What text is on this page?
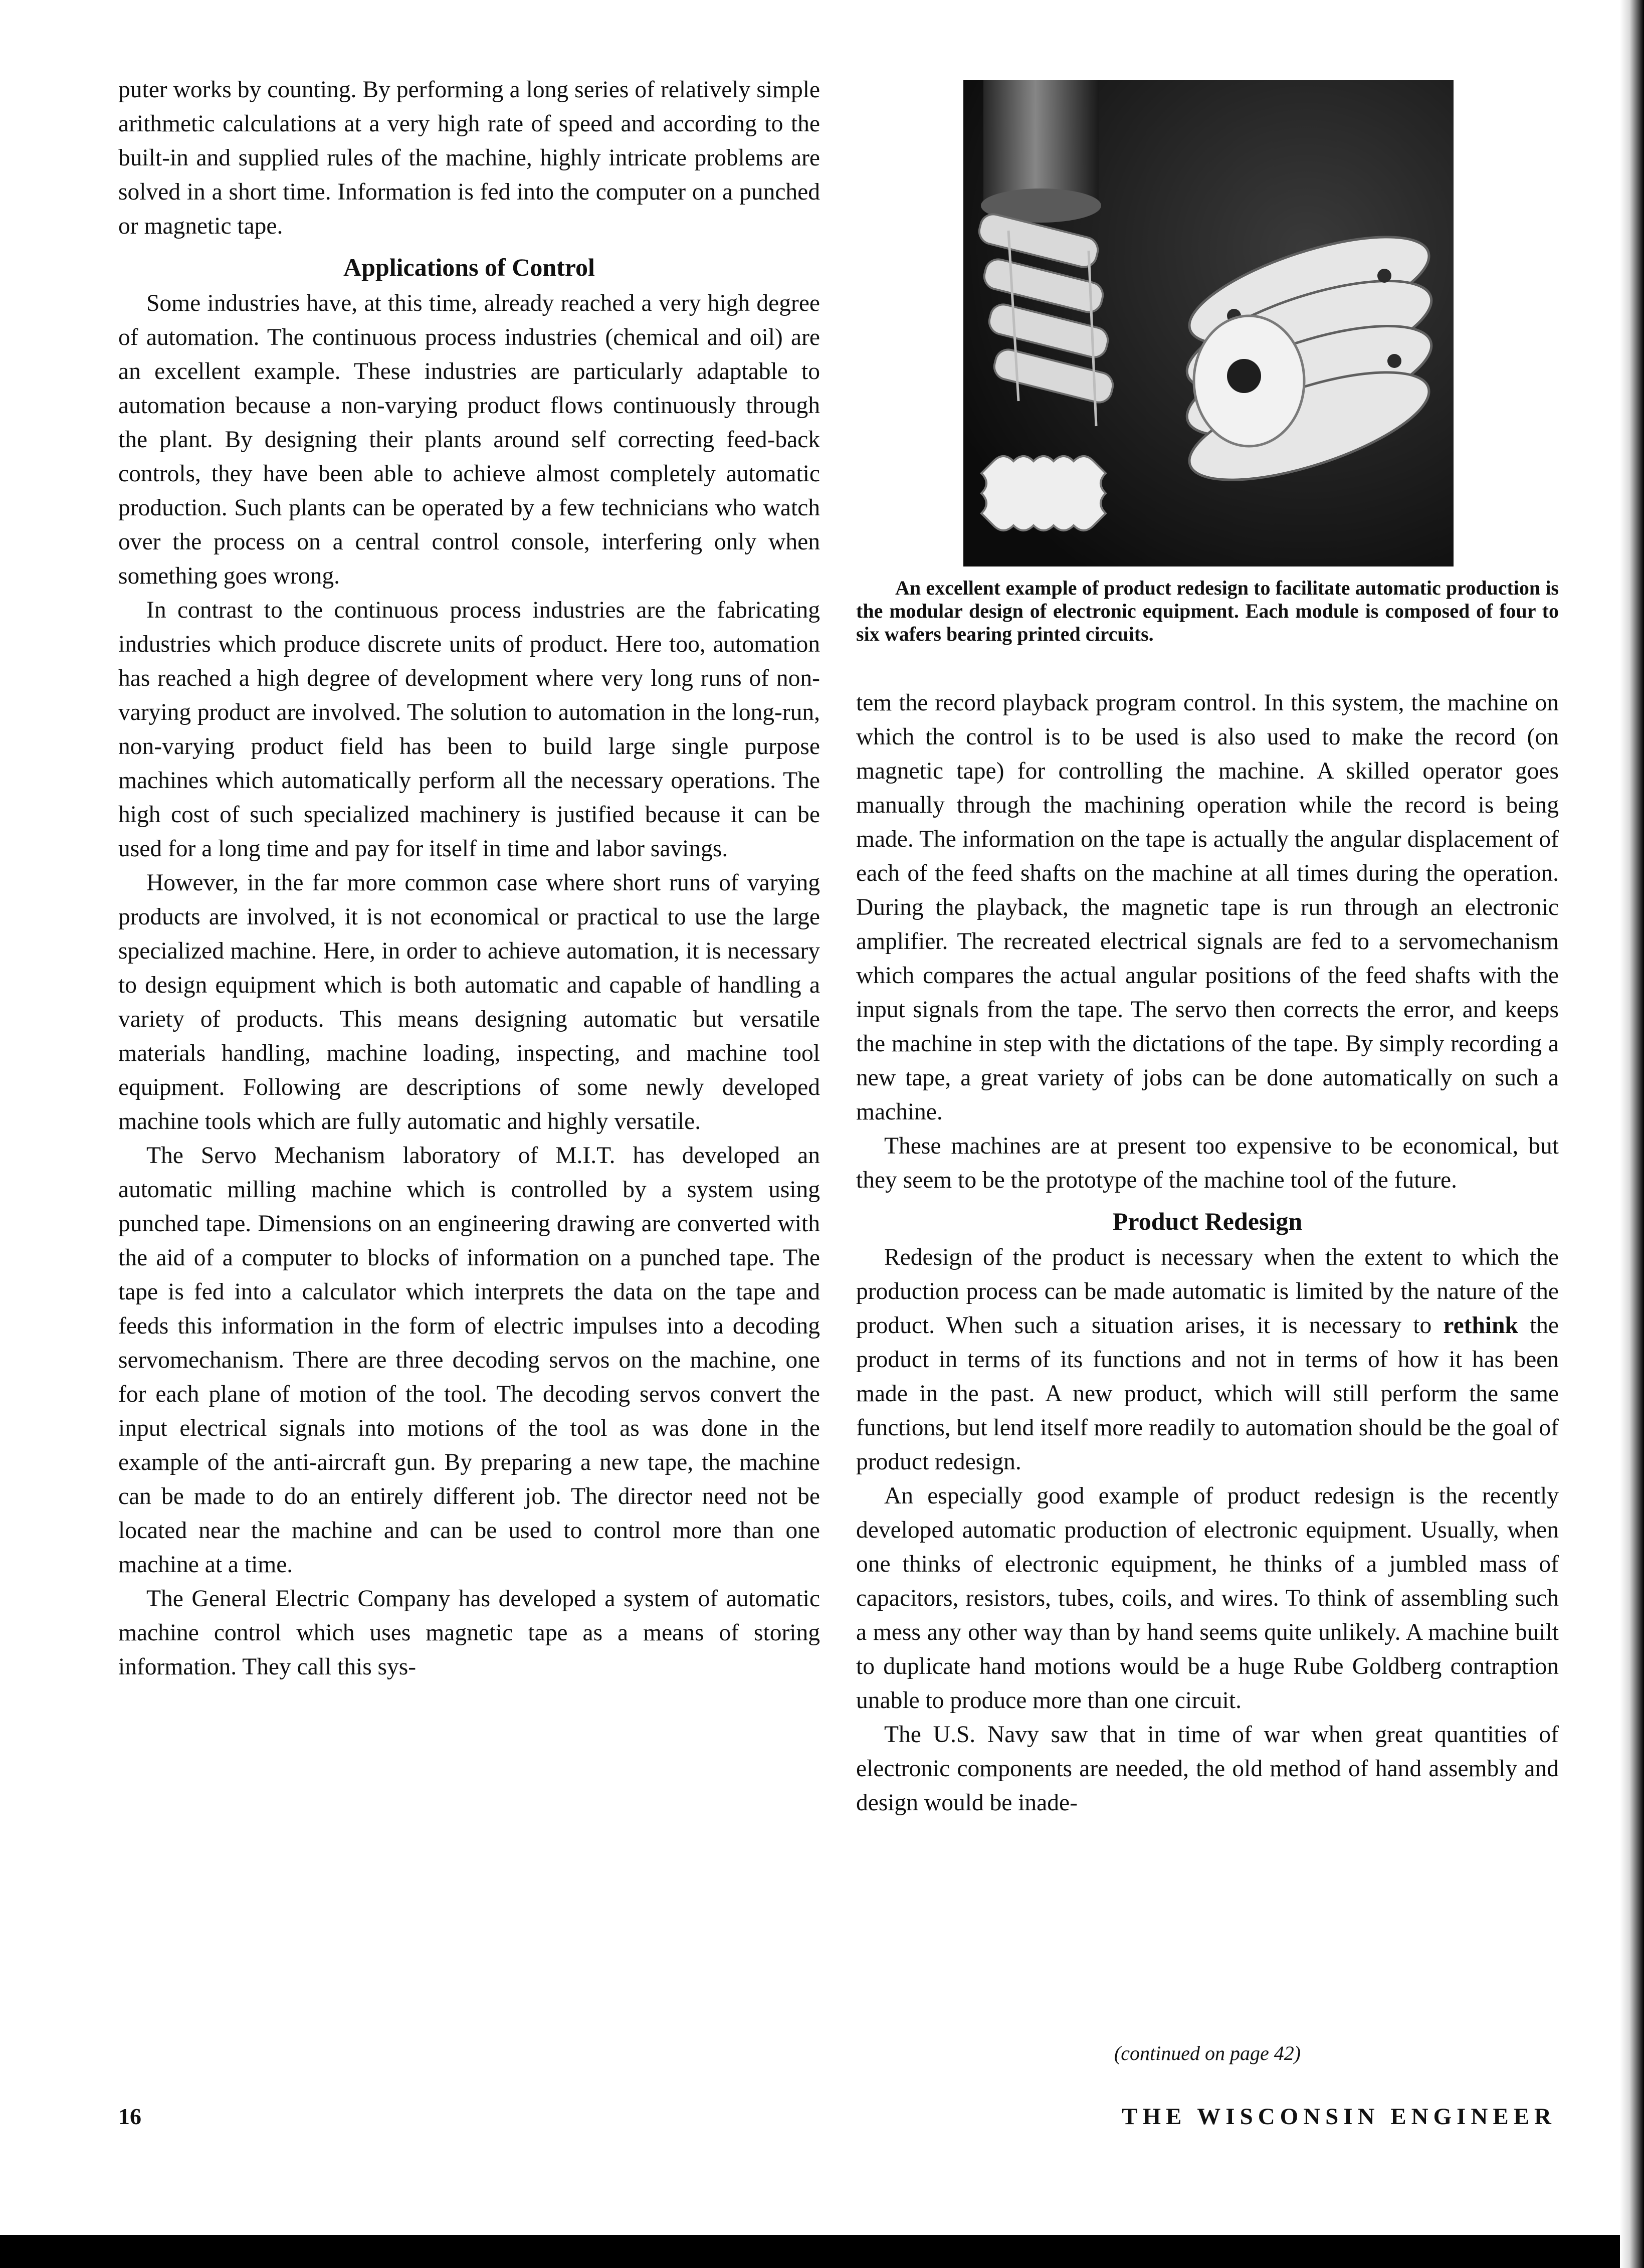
puter works by counting. By performing a long series of relatively simple arithmetic calculations at a very high rate of speed and according to the built-in and supplied rules of the machine, highly intricate problems are solved in a short time. Information is fed into the computer on a punched or magnetic tape.

Applications of Control

Some industries have, at this time, already reached a very high degree of automation. The continuous process industries (chemical and oil) are an excellent example. These industries are particularly adaptable to automation because a non-varying product flows continuously through the plant. By designing their plants around self correcting feed-back controls, they have been able to achieve almost completely automatic production. Such plants can be operated by a few technicians who watch over the process on a central control console, interfering only when something goes wrong.

In contrast to the continuous process industries are the fabricating industries which produce discrete units of product. Here too, automation has reached a high degree of development where very long runs of non-varying product are involved. The solution to automation in the long-run, non-varying product field has been to build large single purpose machines which automatically perform all the necessary operations. The high cost of such specialized machinery is justified because it can be used for a long time and pay for itself in time and labor savings.

However, in the far more common case where short runs of varying products are involved, it is not economical or practical to use the large specialized machine. Here, in order to achieve automation, it is necessary to design equipment which is both automatic and capable of handling a variety of products. This means designing automatic but versatile materials handling, machine loading, inspecting, and machine tool equipment. Following are descriptions of some newly developed machine tools which are fully automatic and highly versatile.

The Servo Mechanism laboratory of M.I.T. has developed an automatic milling machine which is controlled by a system using punched tape. Dimensions on an engineering drawing are converted with the aid of a computer to blocks of information on a punched tape. The tape is fed into a calculator which interprets the data on the tape and feeds this information in the form of electric impulses into a decoding servomechanism. There are three decoding servos on the machine, one for each plane of motion of the tool. The decoding servos convert the input electrical signals into motions of the tool as was done in the example of the anti-aircraft gun. By preparing a new tape, the machine can be made to do an entirely different job. The director need not be located near the machine and can be used to control more than one machine at a time.

The General Electric Company has developed a system of automatic machine control which uses magnetic tape as a means of storing information. They call this sys-

An excellent example of product redesign to facilitate automatic production is the modular design of electronic equipment. Each module is composed of four to six wafers bearing printed circuits.

tem the record playback program control. In this system, the machine on which the control is to be used is also used to make the record (on magnetic tape) for controlling the machine. A skilled operator goes manually through the machining operation while the record is being made. The information on the tape is actually the angular displacement of each of the feed shafts on the machine at all times during the operation. During the playback, the magnetic tape is run through an electronic amplifier. The recreated electrical signals are fed to a servomechanism which compares the actual angular positions of the feed shafts with the input signals from the tape. The servo then corrects the error, and keeps the machine in step with the dictations of the tape. By simply recording a new tape, a great variety of jobs can be done automatically on such a machine.

These machines are at present too expensive to be economical, but they seem to be the prototype of the machine tool of the future.

Product Redesign

Redesign of the product is necessary when the extent to which the production process can be made automatic is limited by the nature of the product. When such a situation arises, it is necessary to rethink the product in terms of its functions and not in terms of how it has been made in the past. A new product, which will still perform the same functions, but lend itself more readily to automation should be the goal of product redesign.

An especially good example of product redesign is the recently developed automatic production of electronic equipment. Usually, when one thinks of electronic equipment, he thinks of a jumbled mass of capacitors, resistors, tubes, coils, and wires. To think of assembling such a mess any other way than by hand seems quite unlikely. A machine built to duplicate hand motions would be a huge Rube Goldberg contraption unable to produce more than one circuit.

The U.S. Navy saw that in time of war when great quantities of electronic components are needed, the old method of hand assembly and design would be inade-

(continued on page 42)
16	THE WISCONSIN ENGINEER
